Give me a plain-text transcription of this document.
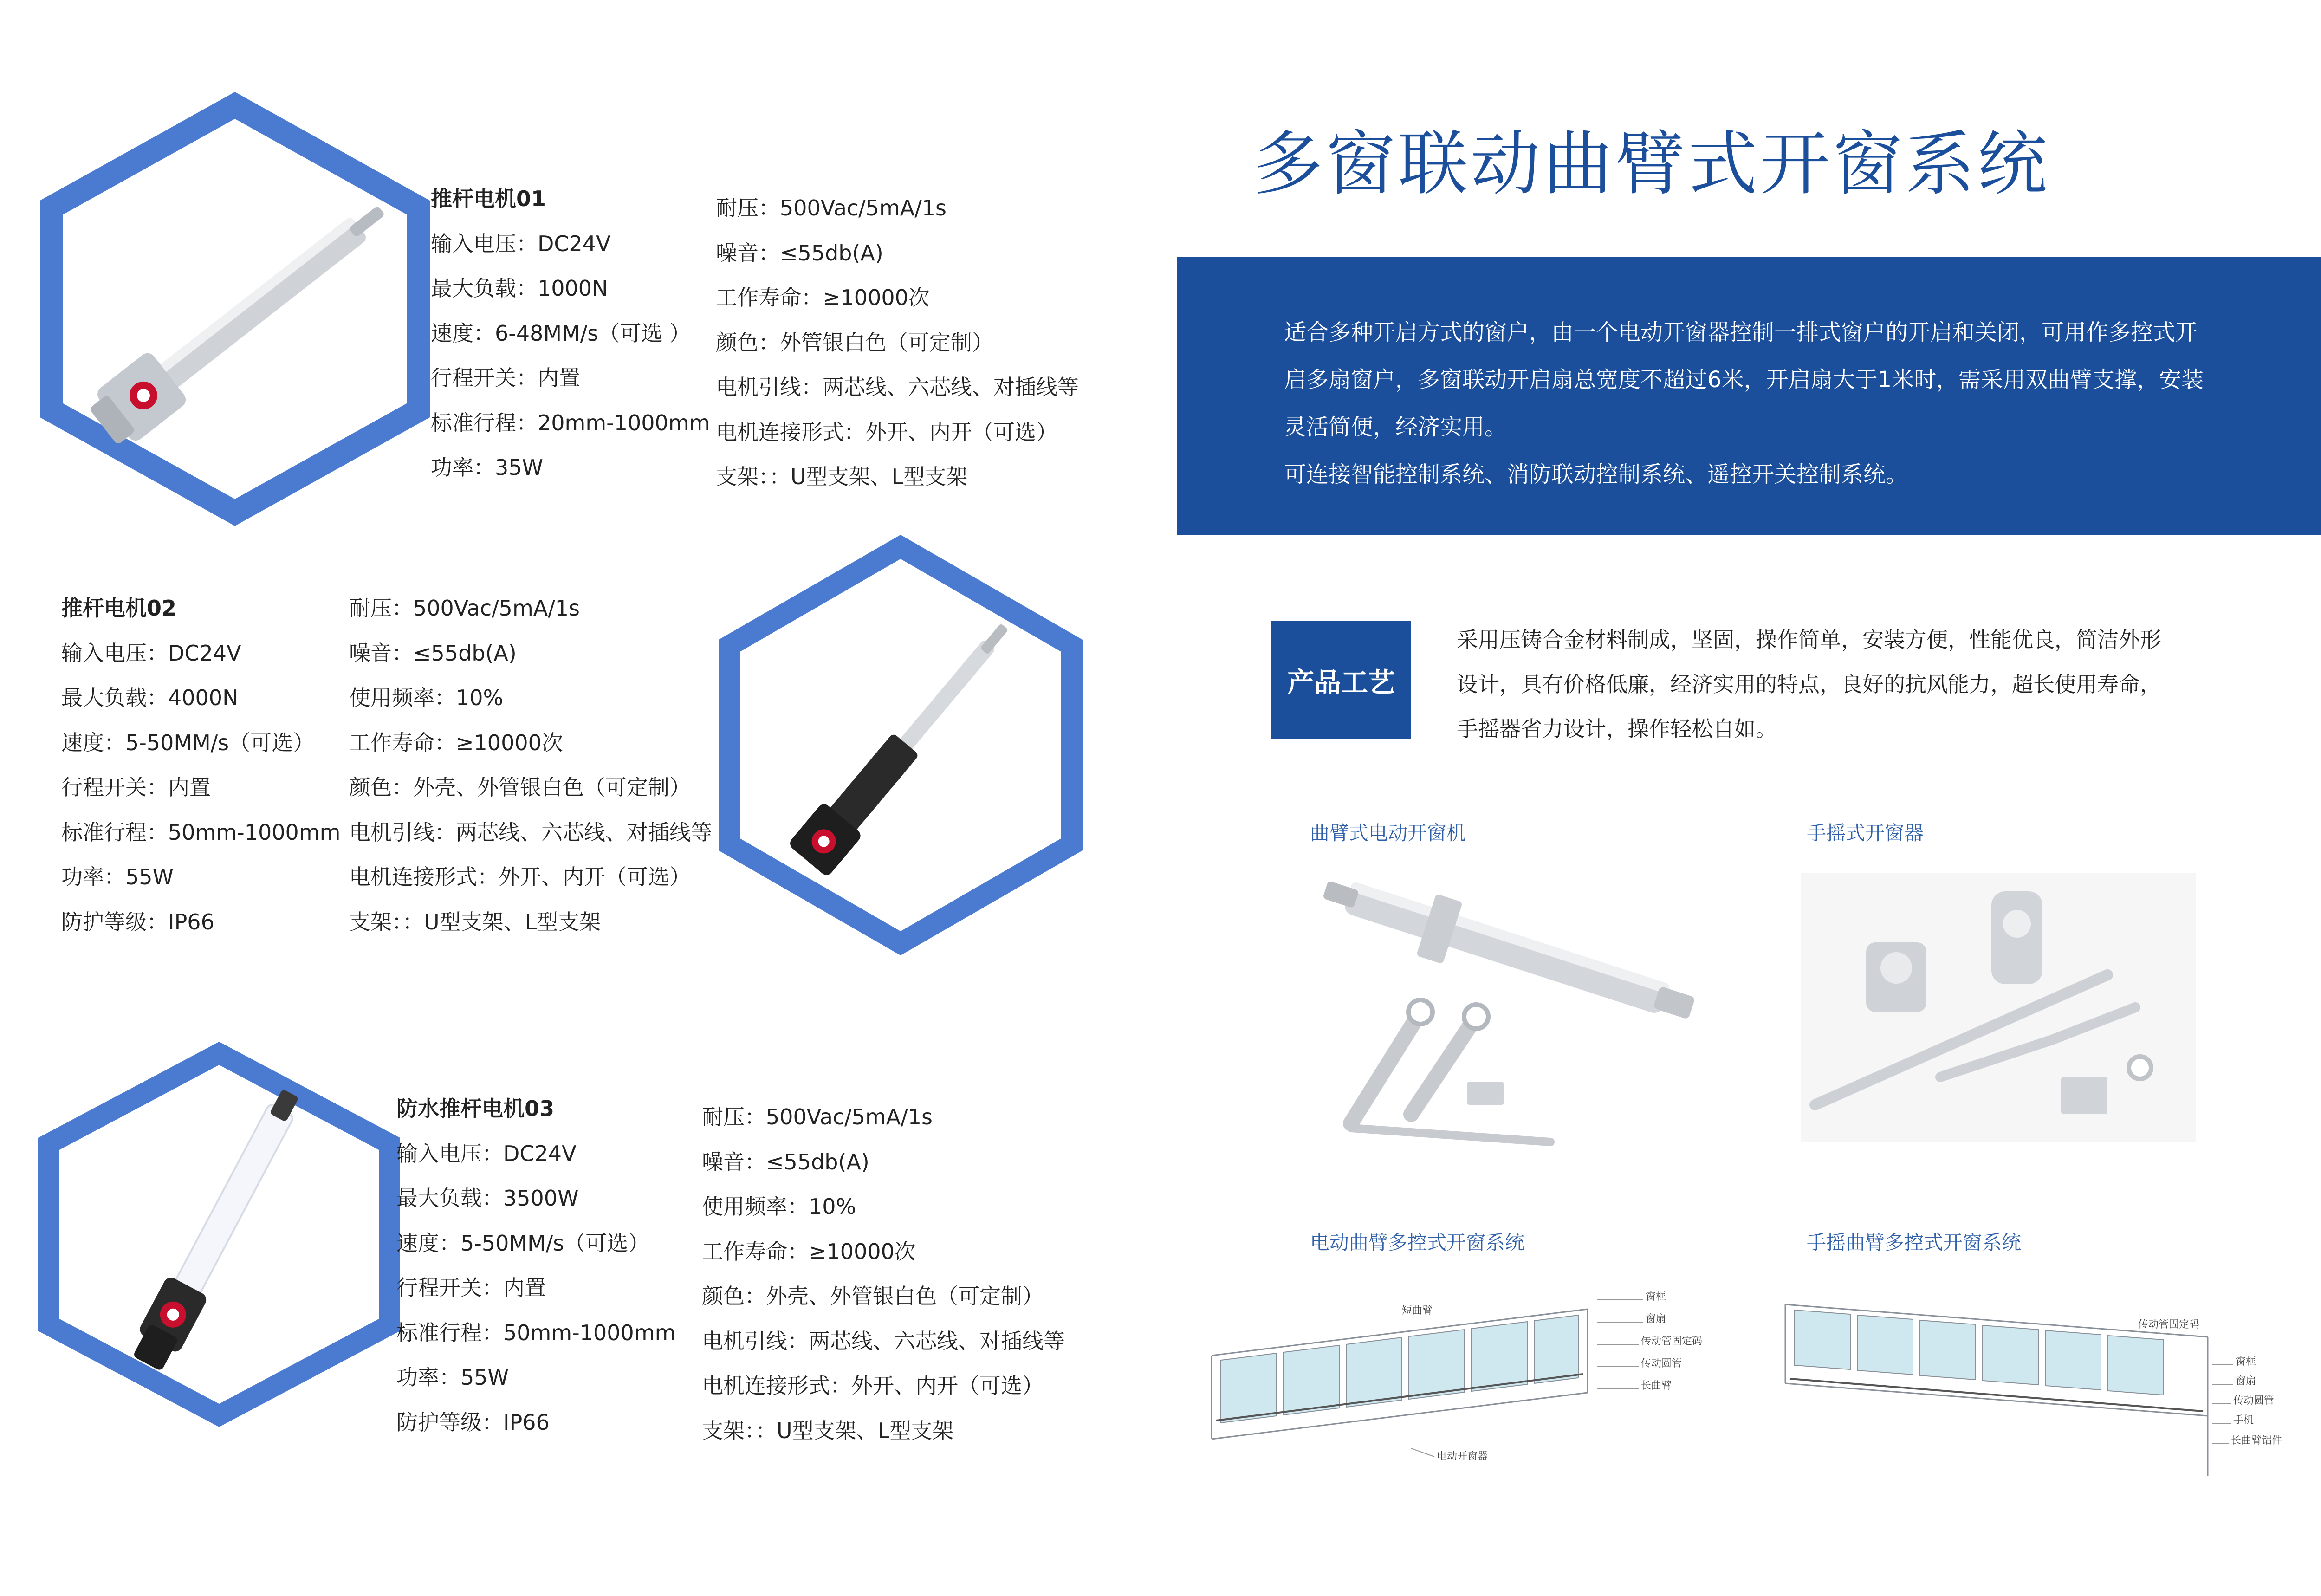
推杆电机01
输入电压：DC24V
最大负载：1000N
速度：6-48MM/s（可选 ）
行程开关：内置
标准行程：20mm-1000mm
功率：35W
耐压：500Vac/5mA/1s
噪音：≤55db(A)
工作寿命：≥10000次
颜色：外管银白色（可定制）
电机引线：两芯线、六芯线、对插线等
电机连接形式：外开、内开（可选）
支架：：U型支架、L型支架
推杆电机02
输入电压：DC24V
最大负载：4000N
速度：5-50MM/s（可选）
行程开关：内置
标准行程：50mm-1000mm
功率：55W
防护等级：IP66
耐压：500Vac/5mA/1s
噪音：≤55db(A)
使用频率：10%
工作寿命：≥10000次
颜色：外壳、外管银白色（可定制）
电机引线：两芯线、六芯线、对插线等
电机连接形式：外开、内开（可选）
支架：：U型支架、L型支架
防水推杆电机03
输入电压：DC24V
最大负载：3500W
速度：5-50MM/s（可选）
行程开关：内置
标准行程：50mm-1000mm
功率：55W
防护等级：IP66
耐压：500Vac/5mA/1s
噪音：≤55db(A)
使用频率：10%
工作寿命：≥10000次
颜色：外壳、外管银白色（可定制）
电机引线：两芯线、六芯线、对插线等
电机连接形式：外开、内开（可选）
支架：：U型支架、L型支架
多窗联动曲臂式开窗系统
适合多种开启方式的窗户，由一个电动开窗器控制一排式窗户的开启和关闭，可用作多控式开
启多扇窗户，多窗联动开启扇总宽度不超过6米，开启扇大于1米时，需采用双曲臂支撑，安装
灵活简便，经济实用。
可连接智能控制系统、消防联动控制系统、遥控开关控制系统。
产品工艺
采用压铸合金材料制成，坚固，操作简单，安装方便，性能优良，简洁外形
设计，具有价格低廉，经济实用的特点，良好的抗风能力，超长使用寿命，
手摇器省力设计，操作轻松自如。
曲臂式电动开窗机	手摇式开窗器
电动曲臂多控式开窗系统	手摇曲臂多控式开窗系统
短曲臂
窗框
窗扇
传动管固定码
传动圆管
长曲臂
电动开窗器
传动管固定码
窗框
窗扇
传动圆管
手机
长曲臂铝件
